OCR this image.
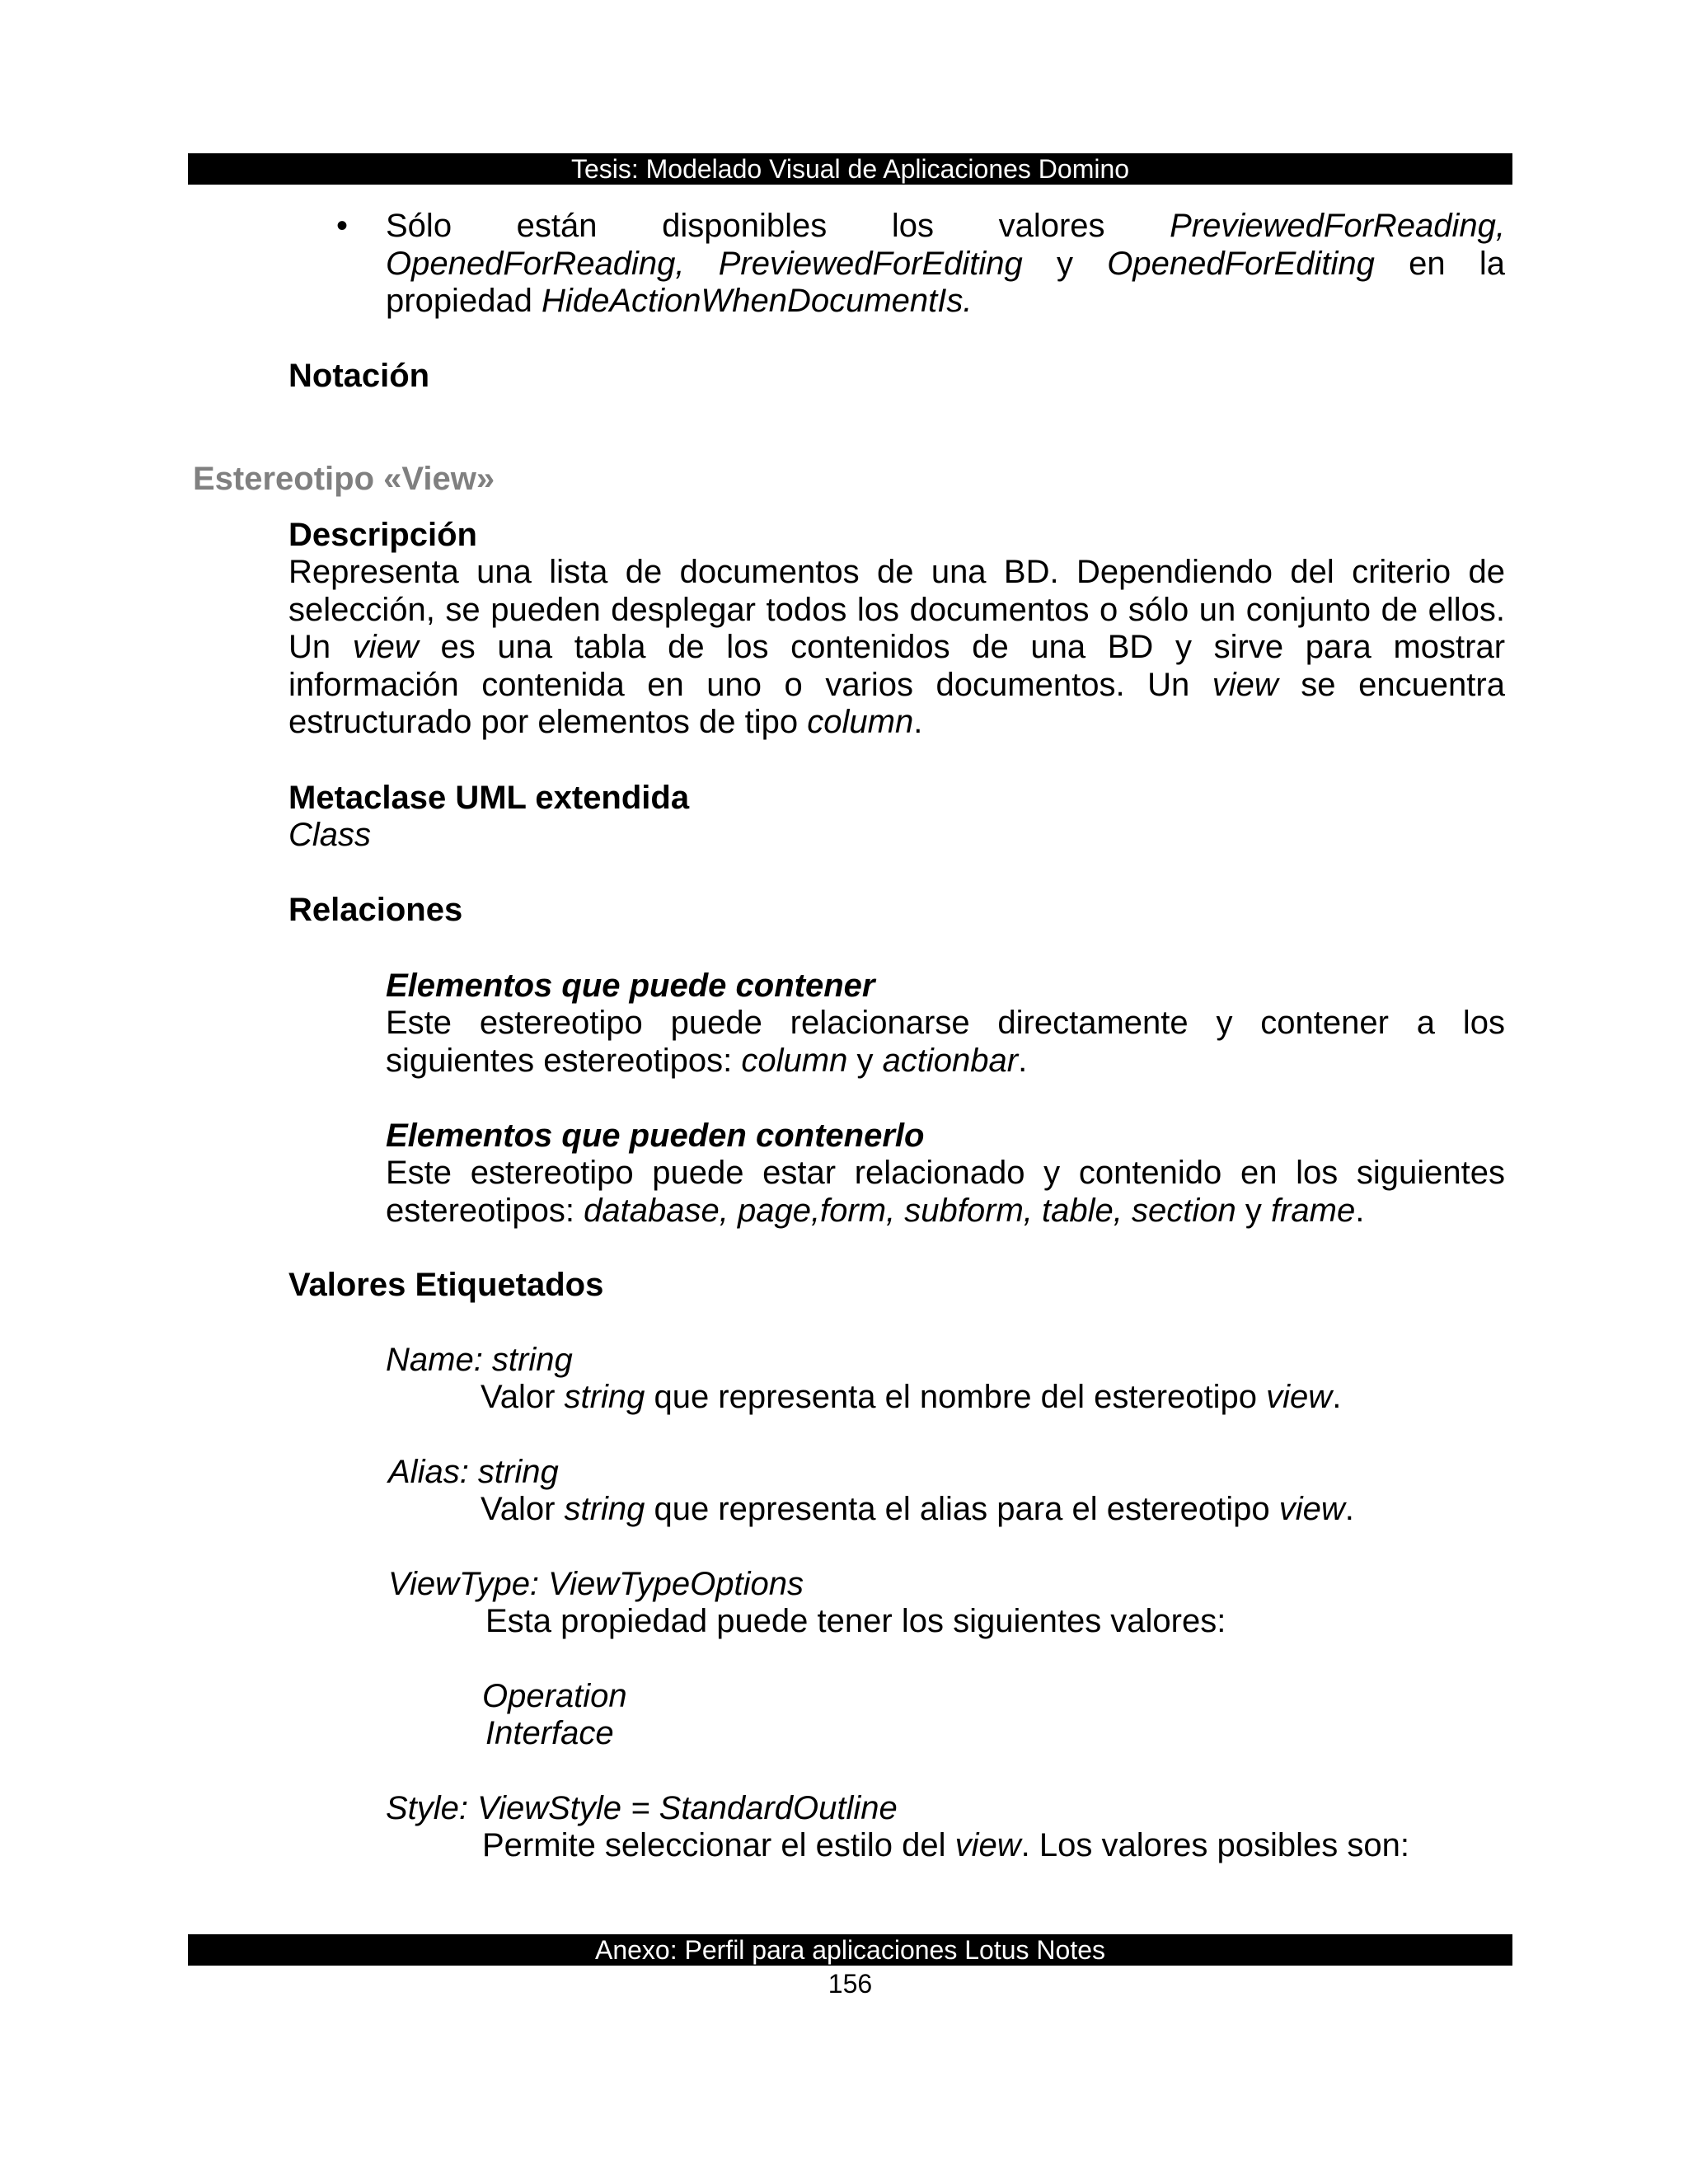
Tesis: Modelado Visual de Aplicaciones Domino
• Sólo están disponibles los valores PreviewedForReading,
OpenedForReading, PreviewedForEditing y OpenedForEditing en la
propiedad HideActionWhenDocumentIs.
Notación
Estereotipo «View»
Descripción
Representa una lista de documentos de una BD. Dependiendo del criterio de selección, se pueden desplegar todos los documentos o sólo un conjunto de ellos. Un view es una tabla de los contenidos de una BD y sirve para mostrar información contenida en uno o varios documentos. Un view se encuentra estructurado por elementos de tipo column.
Metaclase UML extendida
Class
Relaciones
Elementos que puede contener
Este estereotipo puede relacionarse directamente y contener a los siguientes estereotipos: column y actionbar.
Elementos que pueden contenerlo
Este estereotipo puede estar relacionado y contenido en los siguientes estereotipos: database, page,form, subform, table, section y frame.
Valores Etiquetados
Name: string
Valor string que representa el nombre del estereotipo view.
Alias: string
Valor string que representa el alias para el estereotipo view.
ViewType: ViewTypeOptions
Esta propiedad puede tener los siguientes valores:
Operation
Interface
Style: ViewStyle = StandardOutline
Permite seleccionar el estilo del view. Los valores posibles son:
Anexo: Perfil para aplicaciones Lotus Notes
156
